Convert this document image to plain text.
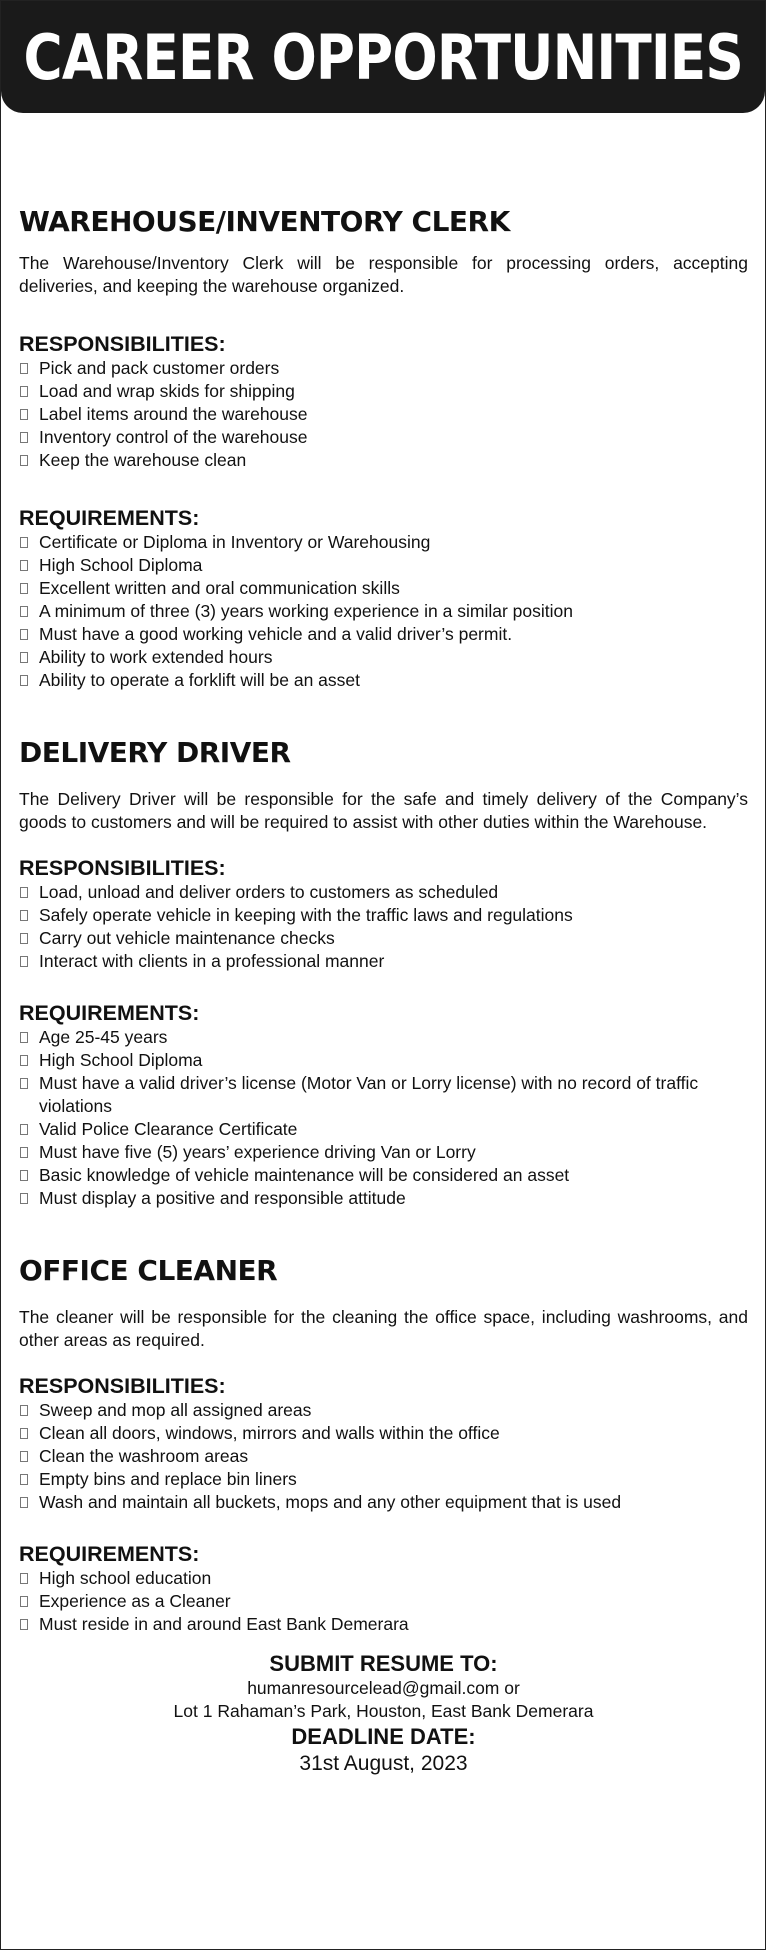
CAREER OPPORTUNITIES
WAREHOUSE/INVENTORY CLERK

The Warehouse/Inventory Clerk will be responsible for processing orders, accepting deliveries, and keeping the warehouse organized.

RESPONSIBILITIES:
Pick and pack customer orders
Load and wrap skids for shipping
Label items around the warehouse
Inventory control of the warehouse
Keep the warehouse clean
REQUIREMENTS:
Certificate or Diploma in Inventory or Warehousing
High School Diploma
Excellent written and oral communication skills
A minimum of three (3) years working experience in a similar position
Must have a good working vehicle and a valid driver’s permit.
Ability to work extended hours
Ability to operate a forklift will be an asset
DELIVERY DRIVER

The Delivery Driver will be responsible for the safe and timely delivery of the Company’s goods to customers and will be required to assist with other duties within the Warehouse.

RESPONSIBILITIES:
Load, unload and deliver orders to customers as scheduled
Safely operate vehicle in keeping with the traffic laws and regulations
Carry out vehicle maintenance checks
Interact with clients in a professional manner
REQUIREMENTS:
Age 25-45 years
High School Diploma
Must have a valid driver’s license (Motor Van or Lorry license) with no record of traffic violations
Valid Police Clearance Certificate
Must have five (5) years’ experience driving Van or Lorry
Basic knowledge of vehicle maintenance will be considered an asset
Must display a positive and responsible attitude
OFFICE CLEANER

The cleaner will be responsible for the cleaning the office space, including washrooms, and other areas as required.

RESPONSIBILITIES:
Sweep and mop all assigned areas
Clean all doors, windows, mirrors and walls within the office
Clean the washroom areas
Empty bins and replace bin liners
Wash and maintain all buckets, mops and any other equipment that is used
REQUIREMENTS:
High school education
Experience as a Cleaner
Must reside in and around East Bank Demerara
SUBMIT RESUME TO:
humanresourcelead@gmail.com or
Lot 1 Rahaman’s Park, Houston, East Bank Demerara
DEADLINE DATE:
31st August, 2023
